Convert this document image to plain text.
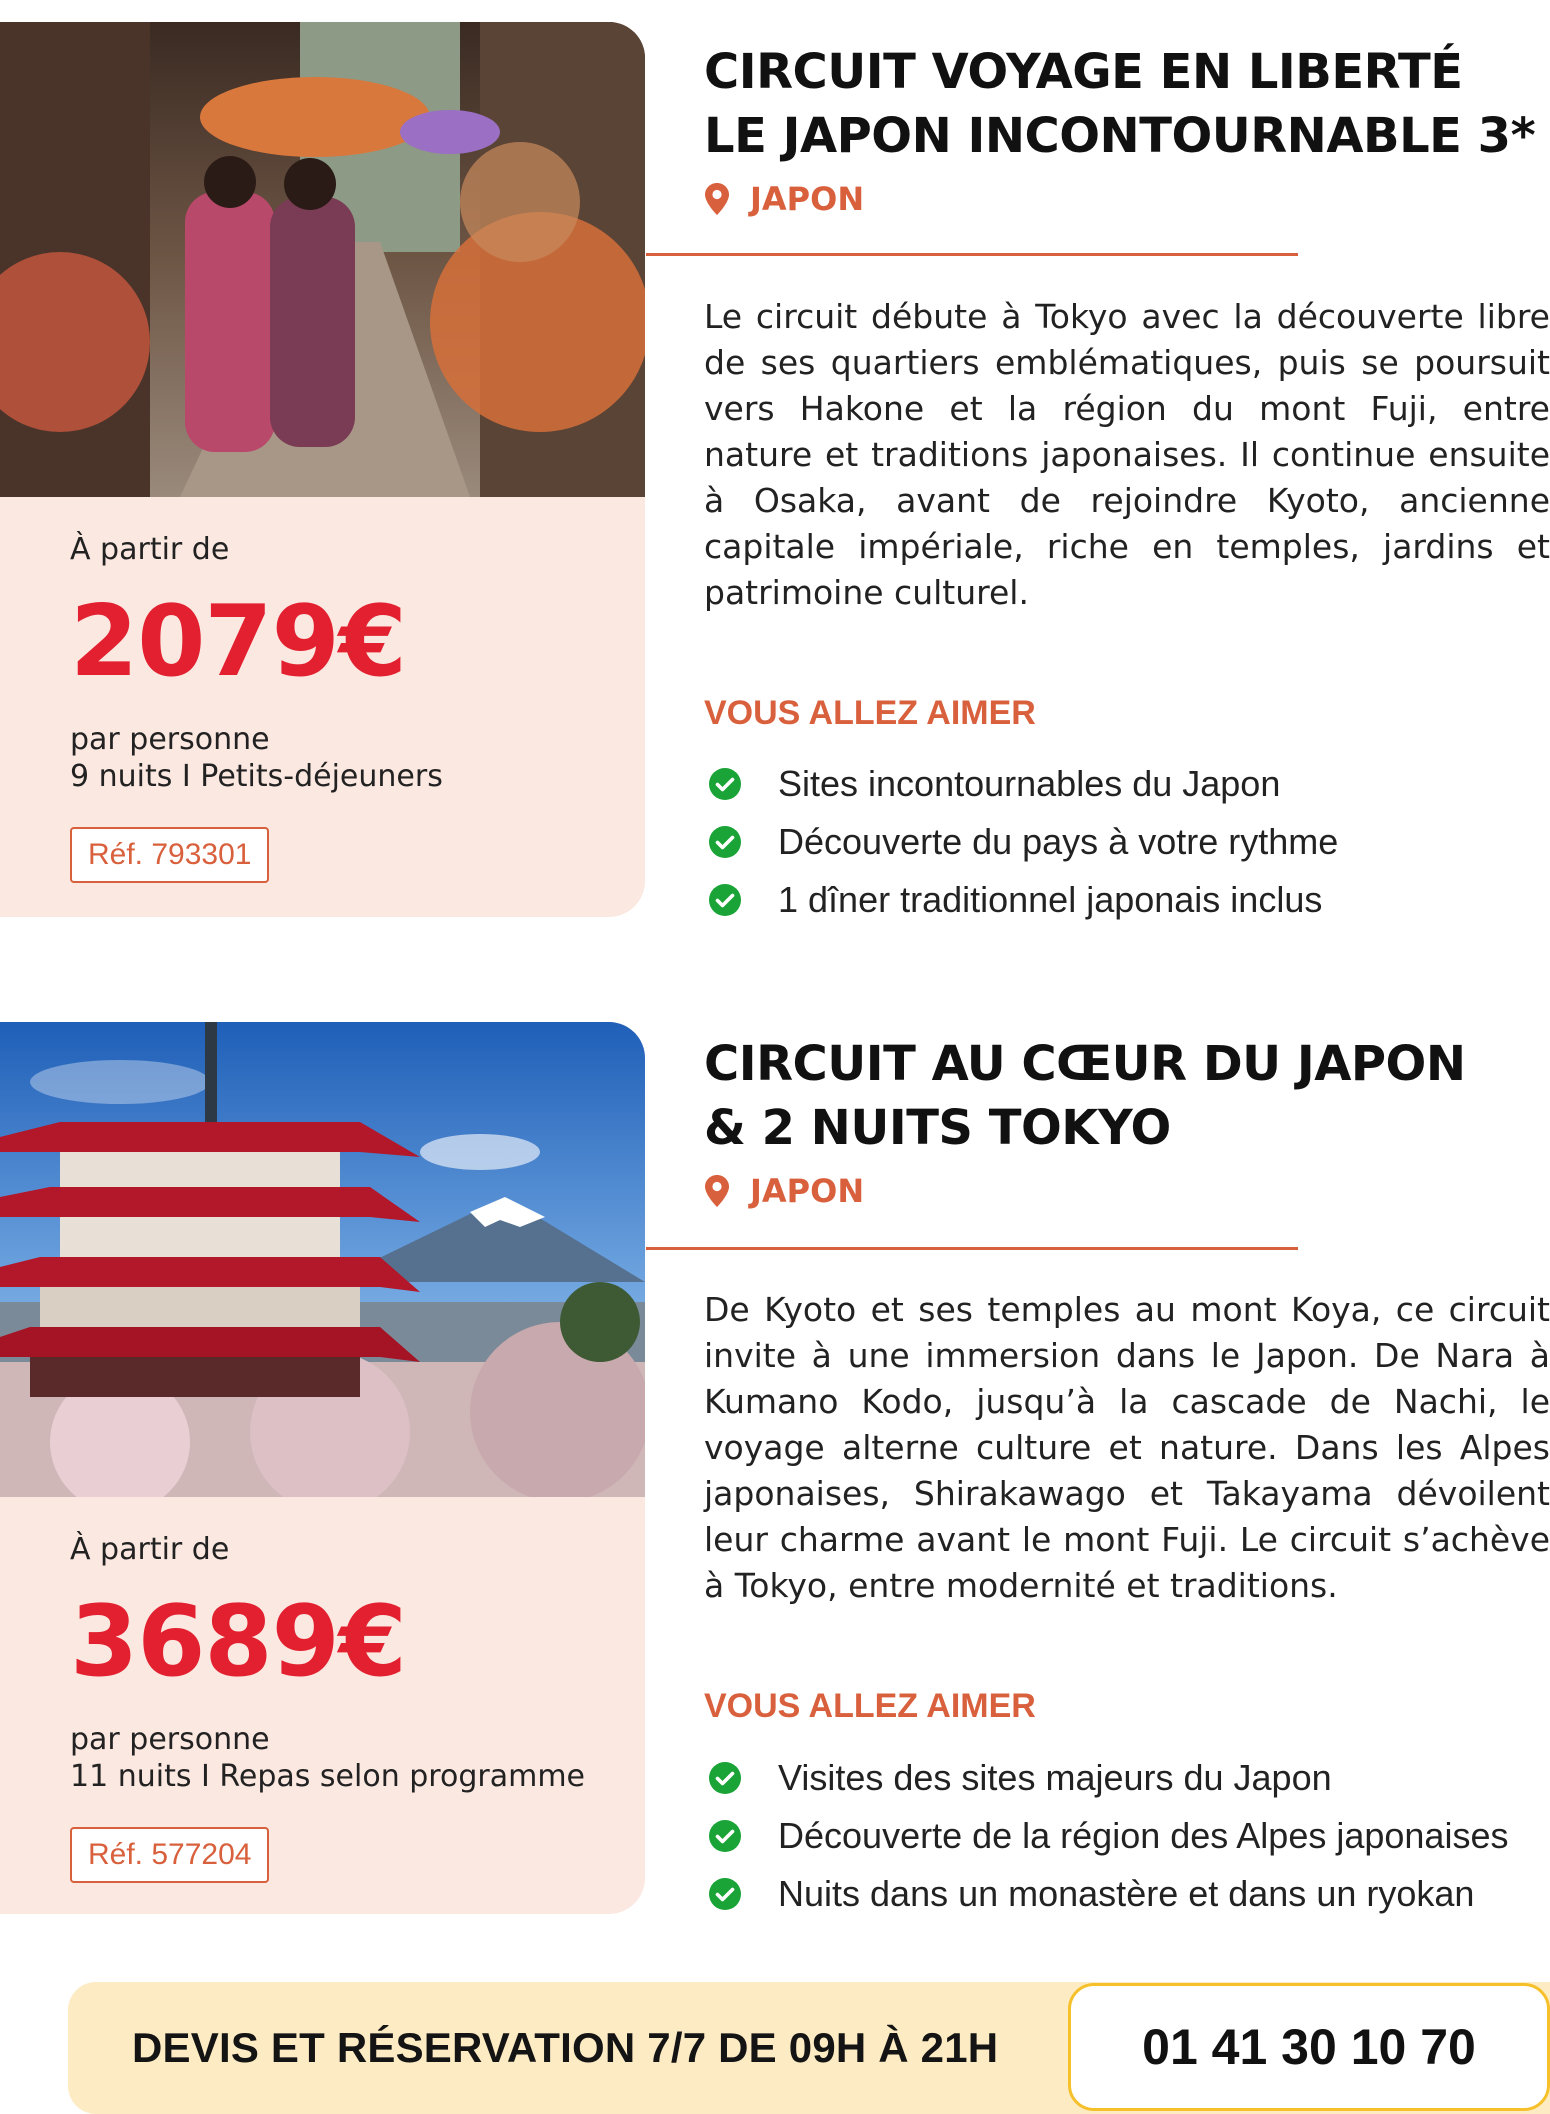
À partir de
2079€
par personne
9 nuits I Petits-déjeuners
Réf. 793301
CIRCUIT VOYAGE EN LIBERTÉ
LE JAPON INCONTOURNABLE 3*
JAPON
Le circuit débute à Tokyo avec la découverte libre de ses quartiers emblématiques, puis se poursuit vers Hakone et la région du mont Fuji, entre nature et traditions japonaises. Il continue ensuite à Osaka, avant de rejoindre Kyoto, ancienne capitale impériale, riche en temples, jardins et patrimoine culturel.
VOUS ALLEZ AIMER
Sites incontournables du Japon
Découverte du pays à votre rythme
1 dîner traditionnel japonais inclus
À partir de
3689€
par personne
11 nuits I Repas selon programme
Réf. 577204
CIRCUIT AU CŒUR DU JAPON
& 2 NUITS TOKYO
JAPON
De Kyoto et ses temples au mont Koya, ce circuit invite à une immersion dans le Japon. De Nara à Kumano Kodo, jusqu’à la cascade de Nachi, le voyage alterne culture et nature. Dans les Alpes japonaises, Shirakawago et Takayama dévoilent leur charme avant le mont Fuji. Le circuit s’achève à Tokyo, entre modernité et traditions.
VOUS ALLEZ AIMER
Visites des sites majeurs du Japon
Découverte de la région des Alpes japonaises
Nuits dans un monastère et dans un ryokan
DEVIS ET RÉSERVATION 7/7 DE 09H À 21H	01 41 30 10 70
